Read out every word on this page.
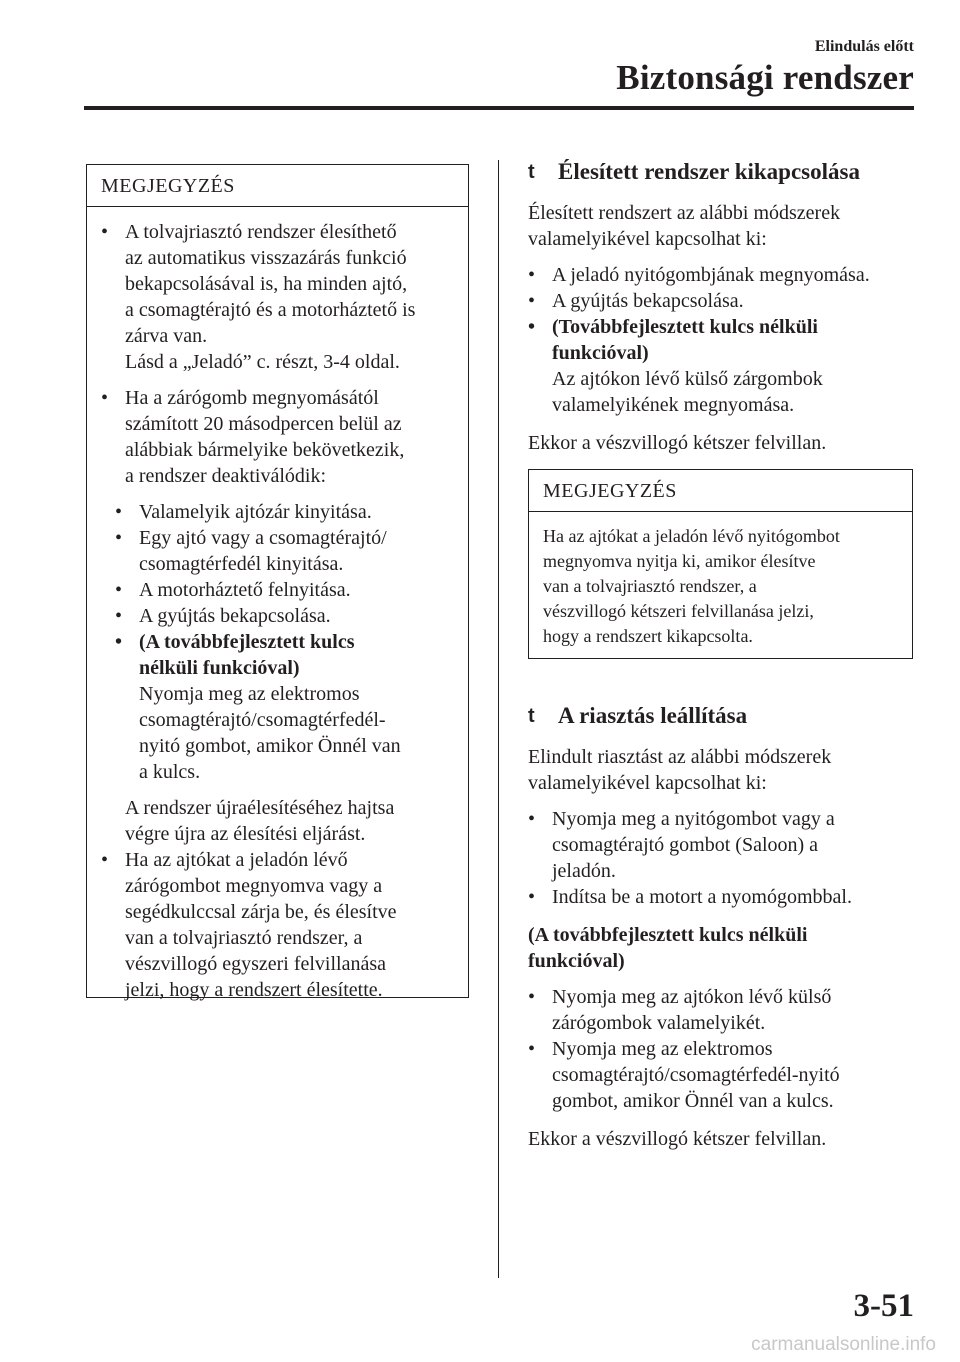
Elindulás előtt
Biztonsági rendszer
MEGJEGYZÉS
• A tolvajriasztó rendszer élesíthető
az automatikus visszazárás funkció
bekapcsolásával is, ha minden ajtó,
a csomagtérajtó és a motorháztető is
zárva van.
Lásd a „Jeladó” c. részt, 3-4 oldal.
• Ha a zárógomb megnyomásától
számított 20 másodpercen belül az
alábbiak bármelyike bekövetkezik,
a rendszer deaktiválódik:
• Valamelyik ajtózár kinyitása.
• Egy ajtó vagy a csomagtérajtó/
csomagtérfedél kinyitása.
• A motorháztető felnyitása.
• A gyújtás bekapcsolása.
• (A továbbfejlesztett kulcs
nélküli funkcióval)
Nyomja meg az elektromos
csomagtérajtó/csomagtérfedél-
nyitó gombot, amikor Önnél van
a kulcs.
A rendszer újraélesítéséhez hajtsa
végre újra az élesítési eljárást.
• Ha az ajtókat a jeladón lévő
zárógombot megnyomva vagy a
segédkulccsal zárja be, és élesítve
van a tolvajriasztó rendszer, a
vészvillogó egyszeri felvillanása
jelzi, hogy a rendszert élesítette.
t Élesített rendszer kikapcsolása
Élesített rendszert az alábbi módszerek
valamelyikével kapcsolhat ki:
• A jeladó nyitógombjának megnyomása.
• A gyújtás bekapcsolása.
• (Továbbfejlesztett kulcs nélküli
funkcióval)
Az ajtókon lévő külső zárgombok
valamelyikének megnyomása.
Ekkor a vészvillogó kétszer felvillan.
MEGJEGYZÉS
Ha az ajtókat a jeladón lévő nyitógombot
megnyomva nyitja ki, amikor élesítve
van a tolvajriasztó rendszer, a
vészvillogó kétszeri felvillanása jelzi,
hogy a rendszert kikapcsolta.
t A riasztás leállítása
Elindult riasztást az alábbi módszerek
valamelyikével kapcsolhat ki:
• Nyomja meg a nyitógombot vagy a
csomagtérajtó gombot (Saloon) a
jeladón.
• Indítsa be a motort a nyomógombbal.
(A továbbfejlesztett kulcs nélküli
funkcióval)
• Nyomja meg az ajtókon lévő külső
zárógombok valamelyikét.
• Nyomja meg az elektromos
csomagtérajtó/csomagtérfedél-nyitó
gombot, amikor Önnél van a kulcs.
Ekkor a vészvillogó kétszer felvillan.
3-51
carmanualsonline.info
